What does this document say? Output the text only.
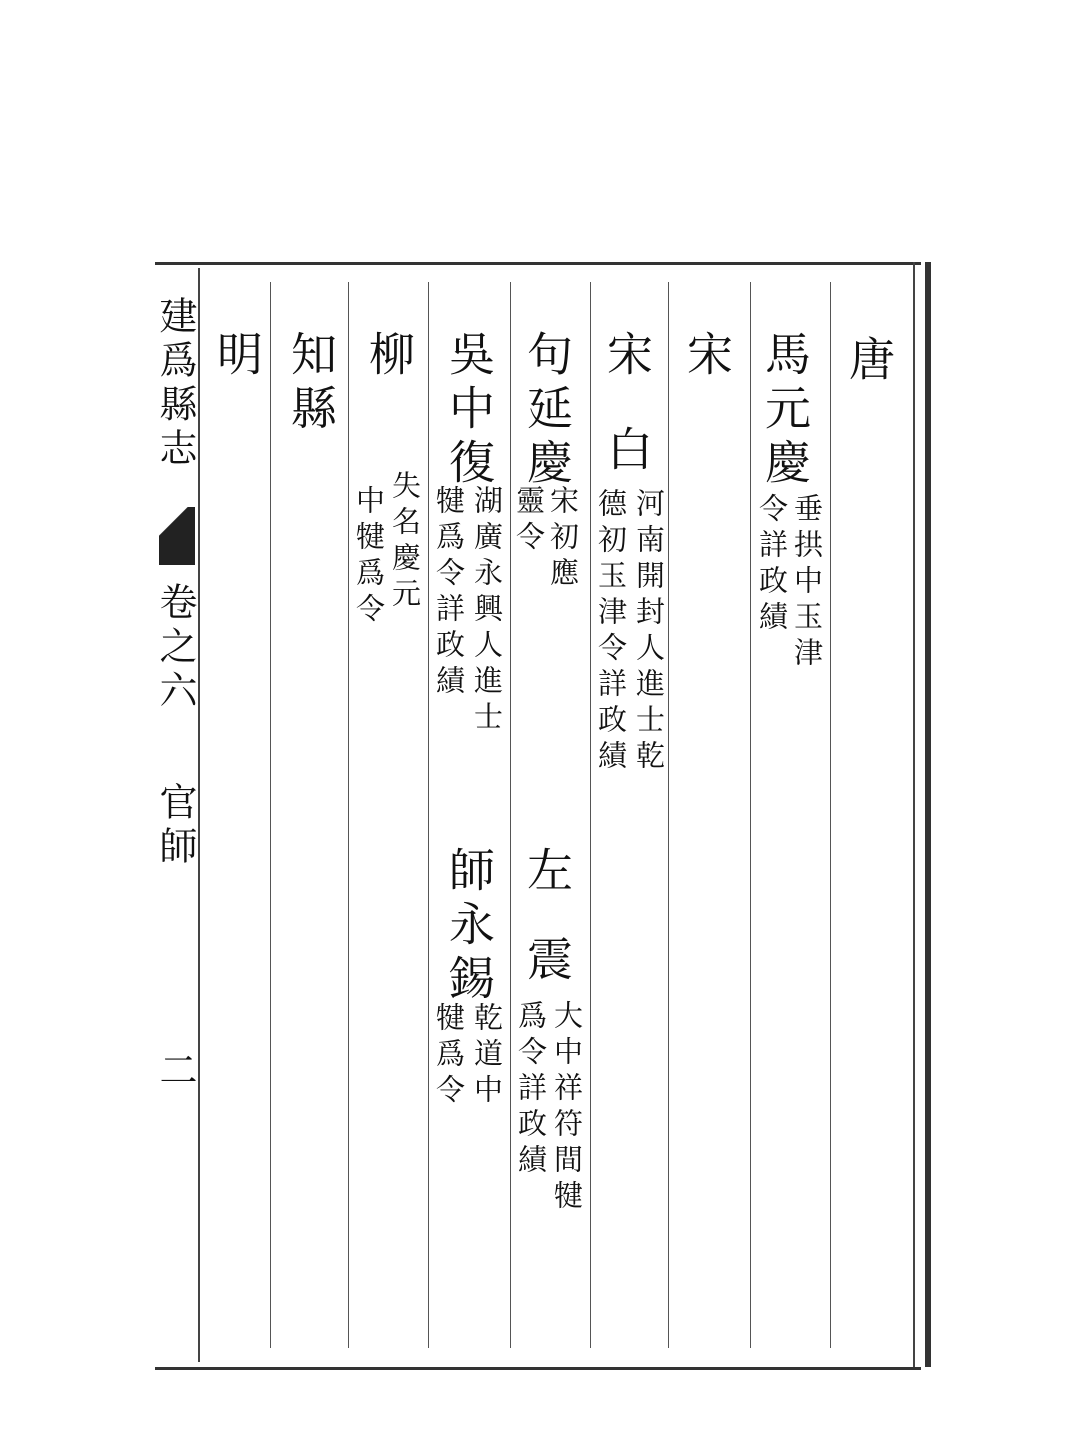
建爲縣志
卷之六
官師
二
唐
馬元慶
垂拱中玉津
令詳政績
宋
宋
白
河南開封人進士乾
德初玉津令詳政績
句延慶
宋初應
靈令
左
震
大中祥符間犍
爲令詳政績
吳中復
湖廣永興人進士
犍爲令詳政績
師永錫
乾道中
犍爲令
柳
失名慶元
中犍爲令
知縣
明
